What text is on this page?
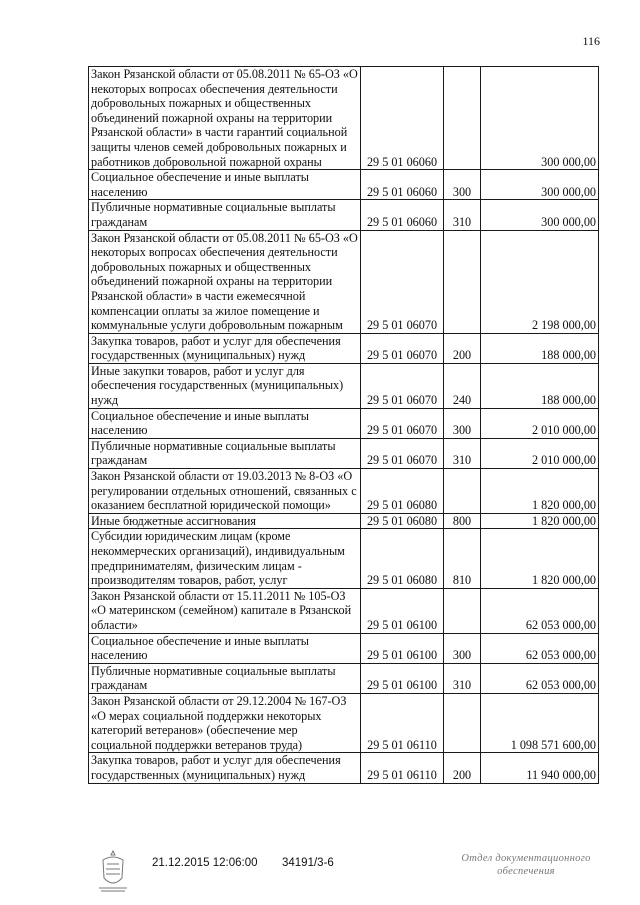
116
Закон Рязанской области от 05.08.2011 № 65-ОЗ «О некоторых вопросах обеспечения деятельности добровольных пожарных и общественных объединений пожарной охраны на территории Рязанской области» в части гарантий социальной защиты членов семей добровольных пожарных и работников добровольной пожарной охраны	29 5 01 06060		300 000,00
Социальное обеспечение и иные выплаты населению	29 5 01 06060	300	300 000,00
Публичные нормативные социальные выплаты гражданам	29 5 01 06060	310	300 000,00
Закон Рязанской области от 05.08.2011 № 65-ОЗ «О некоторых вопросах обеспечения деятельности добровольных пожарных и общественных объединений пожарной охраны на территории Рязанской области» в части ежемесячной компенсации оплаты за жилое помещение и коммунальные услуги добровольным пожарным	29 5 01 06070		2 198 000,00
Закупка товаров, работ и услуг для обеспечения государственных (муниципальных) нужд	29 5 01 06070	200	188 000,00
Иные закупки товаров, работ и услуг для обеспечения государственных (муниципальных) нужд	29 5 01 06070	240	188 000,00
Социальное обеспечение и иные выплаты населению	29 5 01 06070	300	2 010 000,00
Публичные нормативные социальные выплаты гражданам	29 5 01 06070	310	2 010 000,00
Закон Рязанской области от 19.03.2013 № 8-ОЗ «О регулировании отдельных отношений, связанных с оказанием бесплатной юридической помощи»	29 5 01 06080		1 820 000,00
Иные бюджетные ассигнования	29 5 01 06080	800	1 820 000,00
Субсидии юридическим лицам (кроме некоммерческих организаций), индивидуальным предпринимателям, физическим лицам - производителям товаров, работ, услуг	29 5 01 06080	810	1 820 000,00
Закон Рязанской области от 15.11.2011 № 105-ОЗ «О материнском (семейном) капитале в Рязанской области»	29 5 01 06100		62 053 000,00
Социальное обеспечение и иные выплаты населению	29 5 01 06100	300	62 053 000,00
Публичные нормативные социальные выплаты гражданам	29 5 01 06100	310	62 053 000,00
Закон Рязанской области от 29.12.2004 № 167-ОЗ «О мерах социальной поддержки некоторых категорий ветеранов» (обеспечение мер социальной поддержки ветеранов труда)	29 5 01 06110		1 098 571 600,00
Закупка товаров, работ и услуг для обеспечения государственных (муниципальных) нужд	29 5 01 06110	200	11 940 000,00
21.12.2015 12:06:00 34191/3-6	Отдел документационного
обеспечения
